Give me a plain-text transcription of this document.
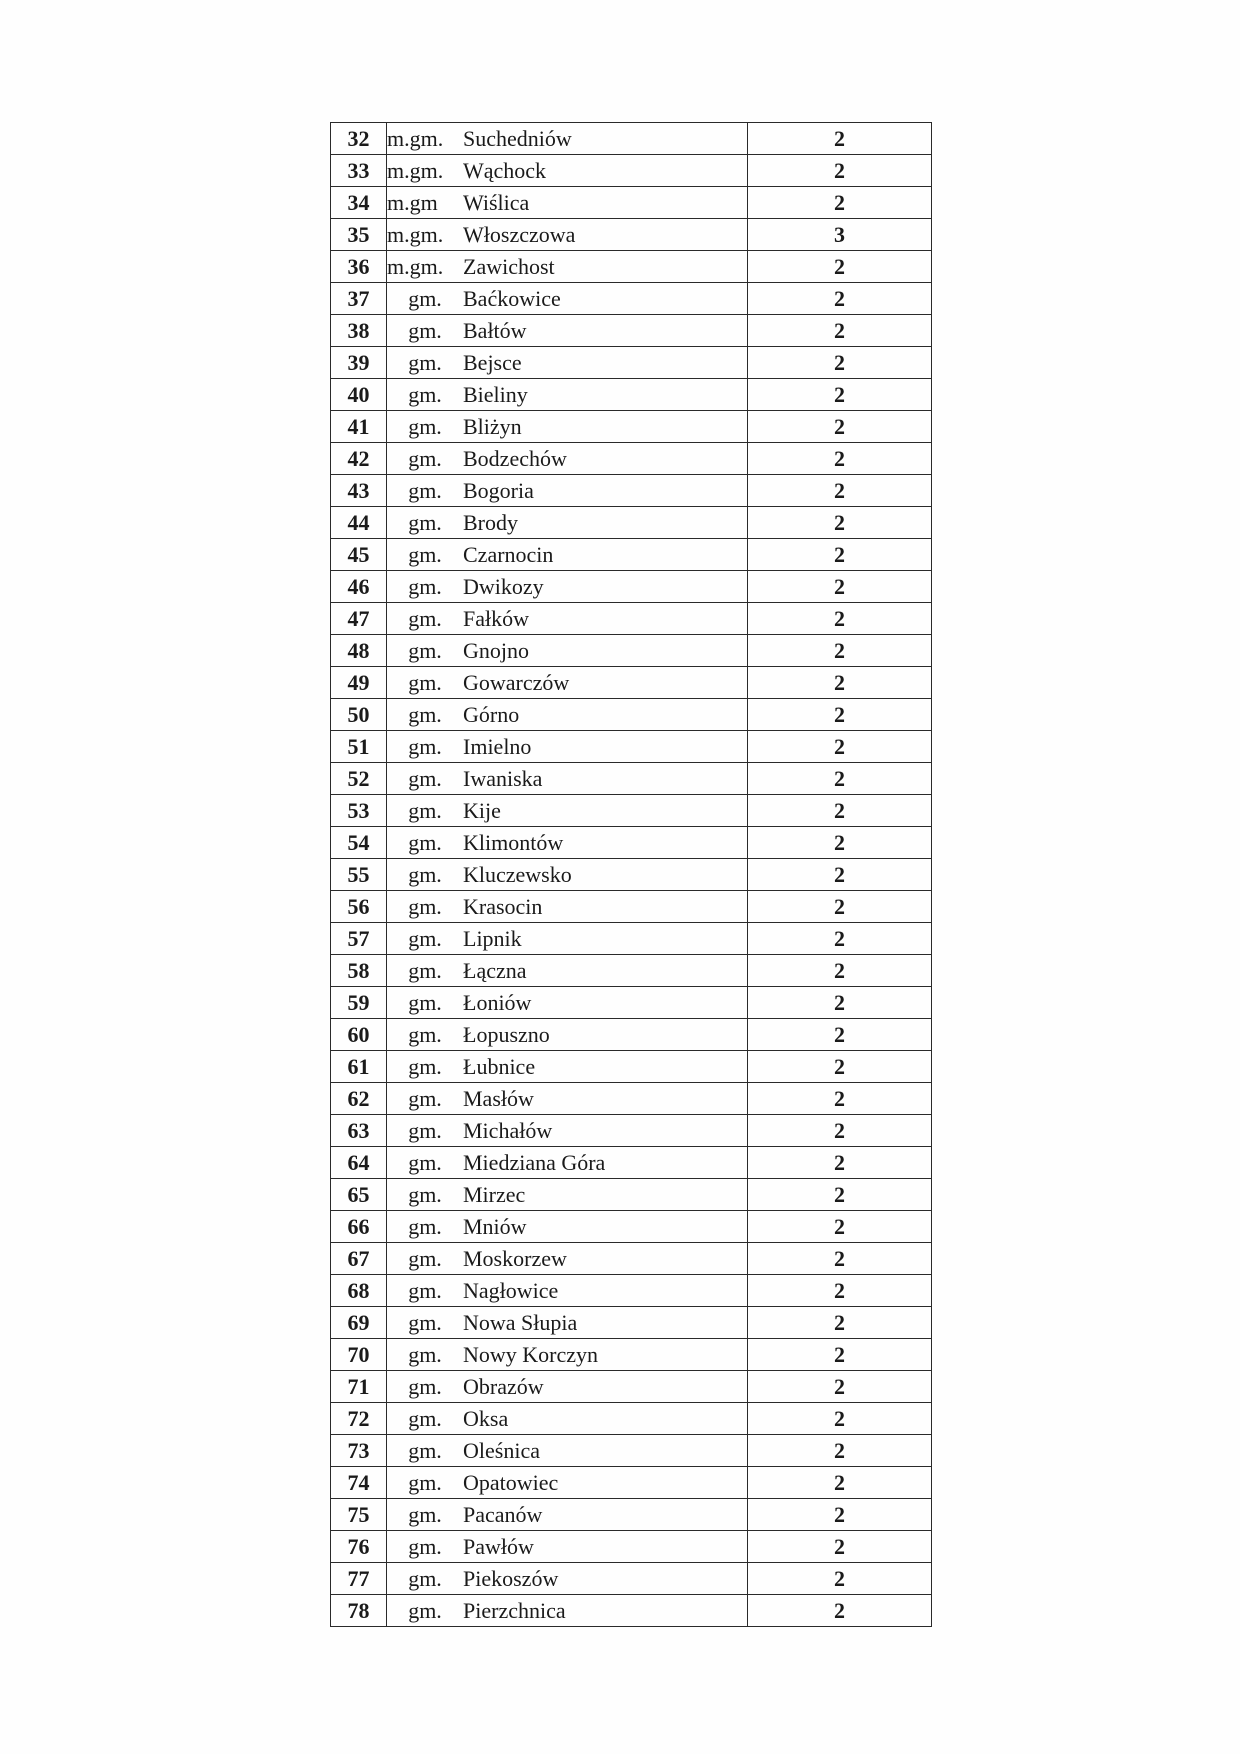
32	m.gm. Suchedniów	2
33	m.gm. Wąchock	2
34	m.gm Wiślica	2
35	m.gm. Włoszczowa	3
36	m.gm. Zawichost	2
37	gm. Baćkowice	2
38	gm. Bałtów	2
39	gm. Bejsce	2
40	gm. Bieliny	2
41	gm. Bliżyn	2
42	gm. Bodzechów	2
43	gm. Bogoria	2
44	gm. Brody	2
45	gm. Czarnocin	2
46	gm. Dwikozy	2
47	gm. Fałków	2
48	gm. Gnojno	2
49	gm. Gowarczów	2
50	gm. Górno	2
51	gm. Imielno	2
52	gm. Iwaniska	2
53	gm. Kije	2
54	gm. Klimontów	2
55	gm. Kluczewsko	2
56	gm. Krasocin	2
57	gm. Lipnik	2
58	gm. Łączna	2
59	gm. Łoniów	2
60	gm. Łopuszno	2
61	gm. Łubnice	2
62	gm. Masłów	2
63	gm. Michałów	2
64	gm. Miedziana Góra	2
65	gm. Mirzec	2
66	gm. Mniów	2
67	gm. Moskorzew	2
68	gm. Nagłowice	2
69	gm. Nowa Słupia	2
70	gm. Nowy Korczyn	2
71	gm. Obrazów	2
72	gm. Oksa	2
73	gm. Oleśnica	2
74	gm. Opatowiec	2
75	gm. Pacanów	2
76	gm. Pawłów	2
77	gm. Piekoszów	2
78	gm. Pierzchnica	2
